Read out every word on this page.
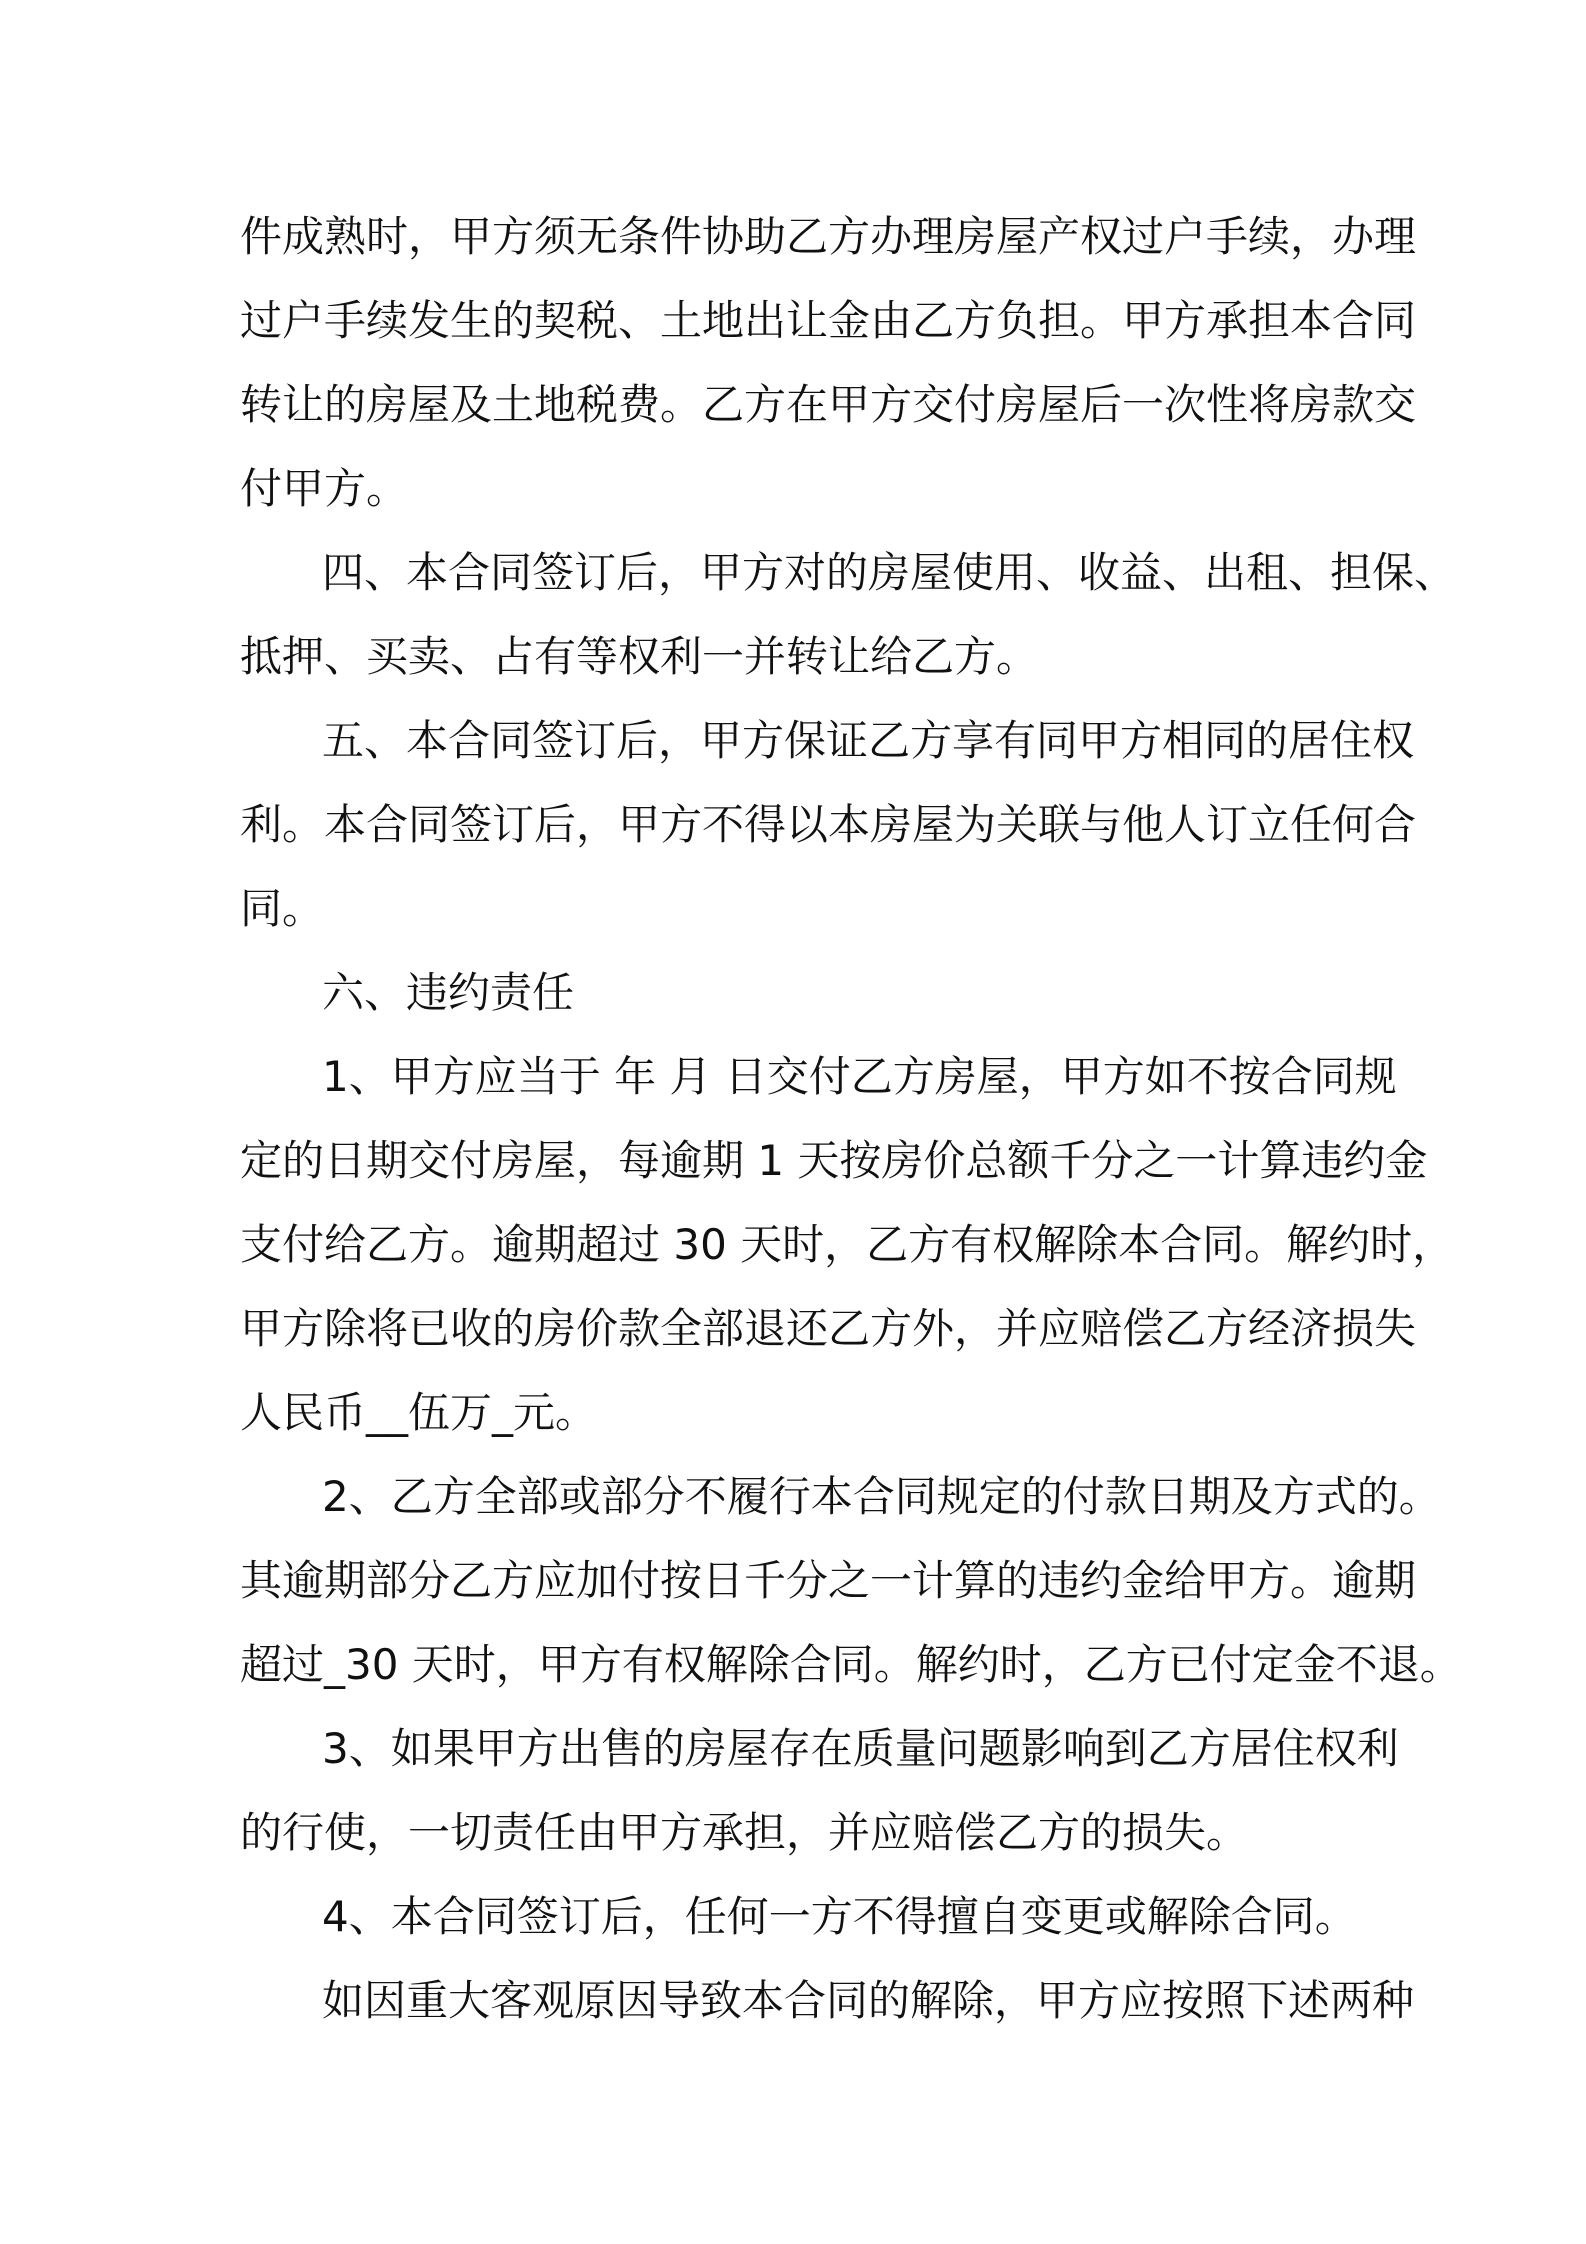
件成熟时，甲方须无条件协助乙方办理房屋产权过户手续，办理
过户手续发生的契税、土地出让金由乙方负担。甲方承担本合同
转让的房屋及土地税费。乙方在甲方交付房屋后一次性将房款交
付甲方。

四、本合同签订后，甲方对的房屋使用、收益、出租、担保、
抵押、买卖、占有等权利一并转让给乙方。

五、本合同签订后，甲方保证乙方享有同甲方相同的居住权
利。本合同签订后，甲方不得以本房屋为关联与他人订立任何合
同。

六、违约责任

1、甲方应当于 年 月 日交付乙方房屋，甲方如不按合同规
定的日期交付房屋，每逾期 1 天按房价总额千分之一计算违约金
支付给乙方。逾期超过 30 天时，乙方有权解除本合同。解约时，
甲方除将已收的房价款全部退还乙方外，并应赔偿乙方经济损失
人民币__伍万_元。

2、乙方全部或部分不履行本合同规定的付款日期及方式的。
其逾期部分乙方应加付按日千分之一计算的违约金给甲方。逾期
超过_30 天时，甲方有权解除合同。解约时，乙方已付定金不退。

3、如果甲方出售的房屋存在质量问题影响到乙方居住权利
的行使，一切责任由甲方承担，并应赔偿乙方的损失。

4、本合同签订后，任何一方不得擅自变更或解除合同。

如因重大客观原因导致本合同的解除，甲方应按照下述两种
